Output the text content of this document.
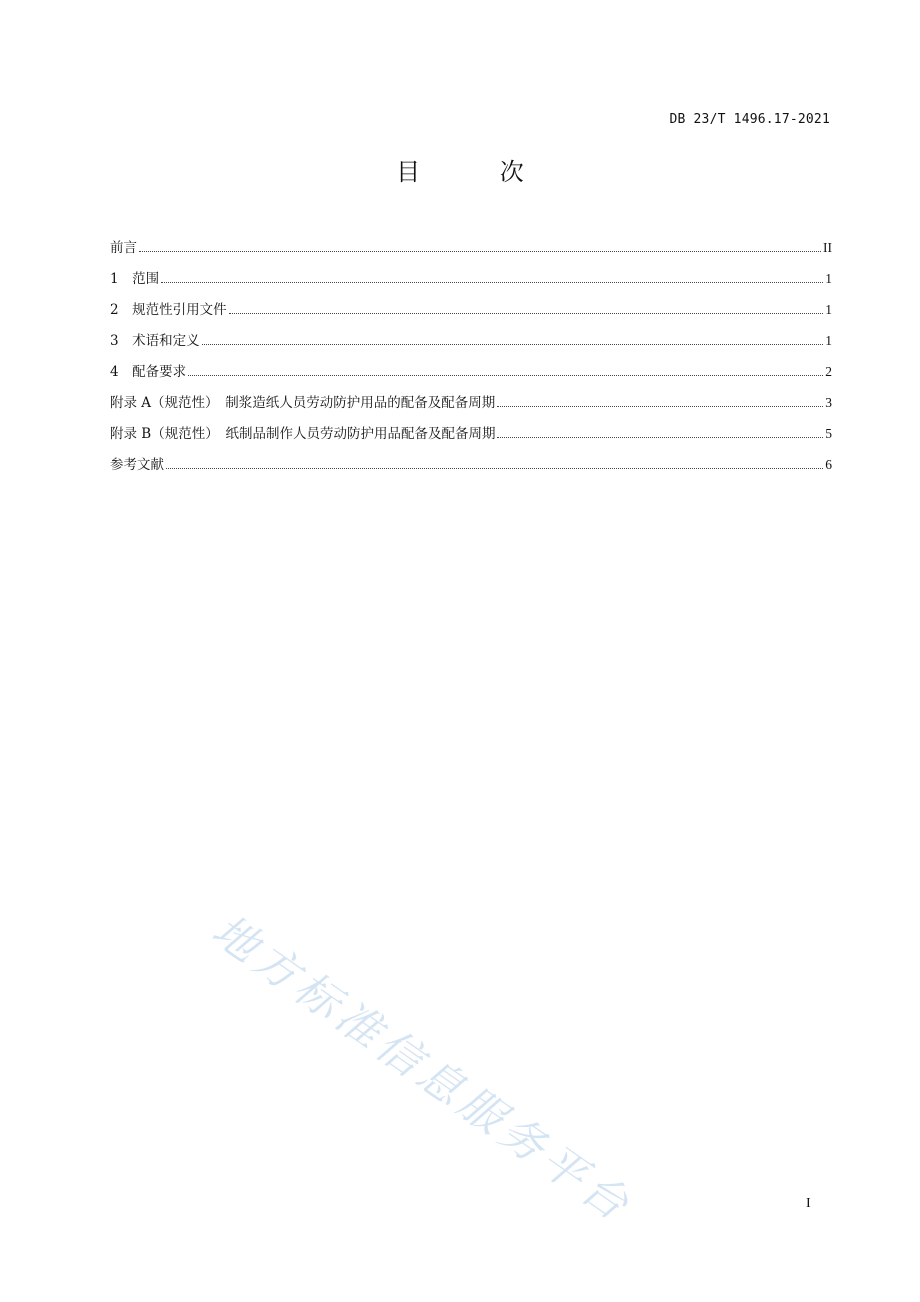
DB 23/T 1496.17-2021
目 次
前言	II
1　范围	1
2　规范性引用文件	1
3　术语和定义	1
4　配备要求	2
附录 A（规范性）　制浆造纸人员劳动防护用品的配备及配备周期	3
附录 B（规范性）　纸制品制作人员劳动防护用品配备及配备周期	5
参考文献	6
地方标准信息服务平台	I
